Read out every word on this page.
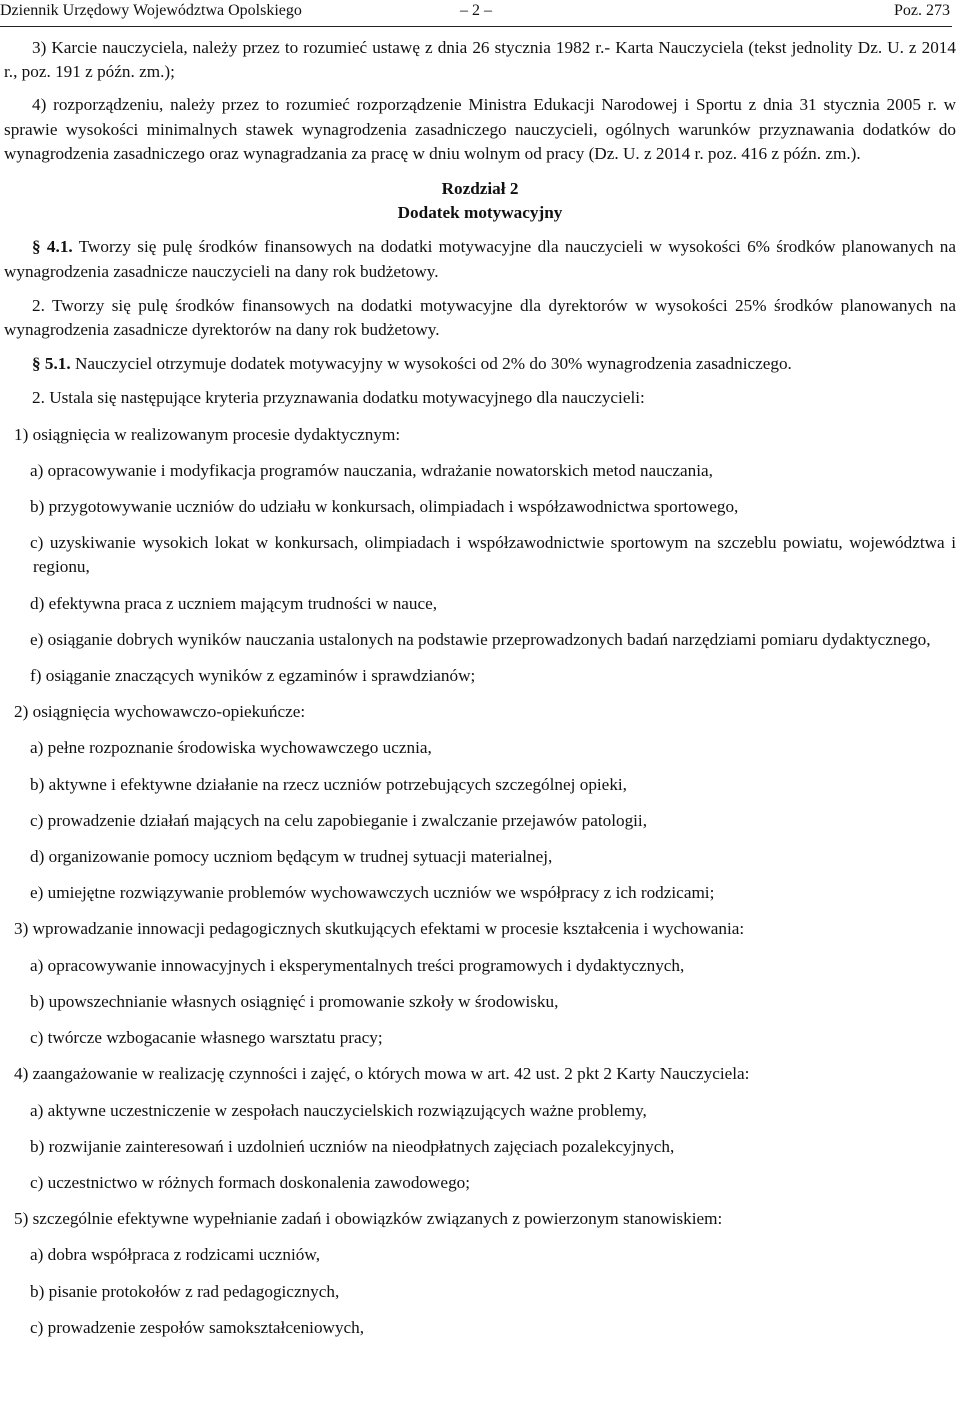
Dziennik Urzędowy Województwa Opolskiego	– 2 –	Poz. 273

3) Karcie nauczyciela, należy przez to rozumieć ustawę z dnia 26 stycznia 1982 r.- Karta Nauczyciela (tekst jednolity Dz. U. z 2014 r., poz. 191 z późn. zm.);

4) rozporządzeniu, należy przez to rozumieć rozporządzenie Ministra Edukacji Narodowej i Sportu z dnia 31 stycznia 2005 r. w sprawie wysokości minimalnych stawek wynagrodzenia zasadniczego nauczycieli, ogólnych warunków przyznawania dodatków do wynagrodzenia zasadniczego oraz wynagradzania za pracę w dniu wolnym od pracy (Dz. U. z 2014 r. poz. 416 z późn. zm.).

Rozdział 2

Dodatek motywacyjny

§ 4.1. Tworzy się pulę środków finansowych na dodatki motywacyjne dla nauczycieli w wysokości 6% środków planowanych na wynagrodzenia zasadnicze nauczycieli na dany rok budżetowy.

2. Tworzy się pulę środków finansowych na dodatki motywacyjne dla dyrektorów w wysokości 25% środków planowanych na wynagrodzenia zasadnicze dyrektorów na dany rok budżetowy.

§ 5.1. Nauczyciel otrzymuje dodatek motywacyjny w wysokości od 2% do 30% wynagrodzenia zasadniczego.

2. Ustala się następujące kryteria przyznawania dodatku motywacyjnego dla nauczycieli:

1) osiągnięcia w realizowanym procesie dydaktycznym:

a) opracowywanie i modyfikacja programów nauczania, wdrażanie nowatorskich metod nauczania,

b) przygotowywanie uczniów do udziału w konkursach, olimpiadach i współzawodnictwa sportowego,

c) uzyskiwanie wysokich lokat w konkursach, olimpiadach i współzawodnictwie sportowym na szczeblu powiatu, województwa i regionu,

d) efektywna praca z uczniem mającym trudności w nauce,

e) osiąganie dobrych wyników nauczania ustalonych na podstawie przeprowadzonych badań narzędziami pomiaru dydaktycznego,

f) osiąganie znaczących wyników z egzaminów i sprawdzianów;

2) osiągnięcia wychowawczo-opiekuńcze:

a) pełne rozpoznanie środowiska wychowawczego ucznia,

b) aktywne i efektywne działanie na rzecz uczniów potrzebujących szczególnej opieki,

c) prowadzenie działań mających na celu zapobieganie i zwalczanie przejawów patologii,

d) organizowanie pomocy uczniom będącym w trudnej sytuacji materialnej,

e) umiejętne rozwiązywanie problemów wychowawczych uczniów we współpracy z ich rodzicami;

3) wprowadzanie innowacji pedagogicznych skutkujących efektami w procesie kształcenia i wychowania:

a) opracowywanie innowacyjnych i eksperymentalnych treści programowych i dydaktycznych,

b) upowszechnianie własnych osiągnięć i promowanie szkoły w środowisku,

c) twórcze wzbogacanie własnego warsztatu pracy;

4) zaangażowanie w realizację czynności i zajęć, o których mowa w art. 42 ust. 2 pkt 2 Karty Nauczyciela:

a) aktywne uczestniczenie w zespołach nauczycielskich rozwiązujących ważne problemy,

b) rozwijanie zainteresowań i uzdolnień uczniów na nieodpłatnych zajęciach pozalekcyjnych,

c) uczestnictwo w różnych formach doskonalenia zawodowego;

5) szczególnie efektywne wypełnianie zadań i obowiązków związanych z powierzonym stanowiskiem:

a) dobra współpraca z rodzicami uczniów,

b) pisanie protokołów z rad pedagogicznych,

c) prowadzenie zespołów samokształceniowych,
